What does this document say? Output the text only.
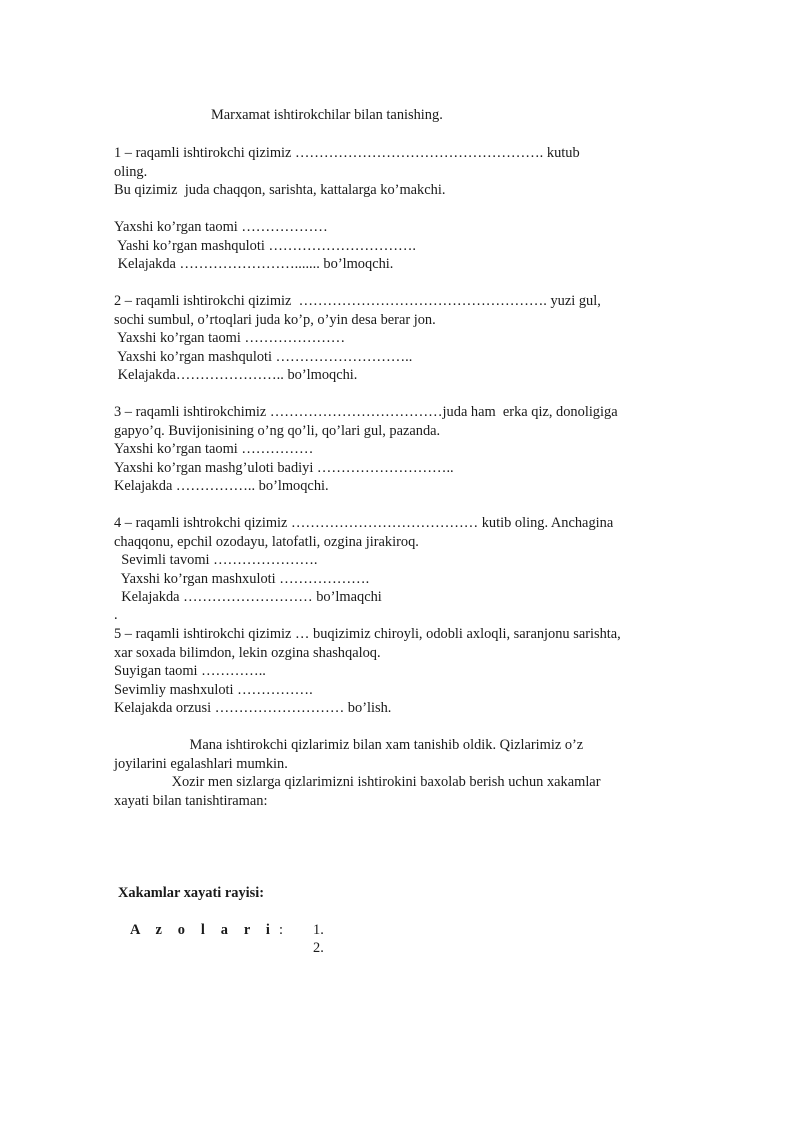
Marxamat ishtirokchilar bilan tanishing.
1 – raqamli ishtirokchi qizimiz ……………………………………………. kutub
oling.
Bu qizimiz  juda chaqqon, sarishta, kattalarga ko’makchi.
Yaxshi ko’rgan taomi ………………
Yashi ko’rgan mashquloti ………………………….
Kelajakda ……………………....... bo’lmoqchi.
2 – raqamli ishtirokchi qizimiz  ……………………………………………. yuzi gul,
sochi sumbul, o’rtoqlari juda ko’p, o’yin desa berar jon.
Yaxshi ko’rgan taomi …………………
Yaxshi ko’rgan mashquloti ………………………..
Kelajakda………………….. bo’lmoqchi.
3 – raqamli ishtirokchimiz ………………………………juda ham  erka qiz, donoligiga
gapyo’q. Buvijonisining o’ng qo’li, qo’lari gul, pazanda.
Yaxshi ko’rgan taomi ……………
Yaxshi ko’rgan mashg’uloti badiyi ………………………..
Kelajakda …………….. bo’lmoqchi.
4 – raqamli ishtrokchi qizimiz ………………………………… kutib oling. Anchagina
chaqqonu, epchil ozodayu, latofatli, ozgina jirakiroq.
Sevimli tavomi ………………….
Yaxshi ko’rgan mashxuloti ……………….
Kelajakda ……………………… bo’lmaqchi
.
5 – raqamli ishtirokchi qizimiz … buqizimiz chiroyli, odobli axloqli, saranjonu sarishta,
xar soxada bilimdon, lekin ozgina shashqaloq.
Suyigan taomi …………..
Sevimliy mashxuloti …………….
Kelajakda orzusi ……………………… bo’lish.
Mana ishtirokchi qizlarimiz bilan xam tanishib oldik. Qizlarimiz o’z
joyilarini egalashlari mumkin.
Xozir men sizlarga qizlarimizni ishtirokini baxolab berish uchun xakamlar
xayati bilan tanishtiraman:
Xakamlar xayati rayisi:
A    z    o    l    a    r    i : 1.
2.
